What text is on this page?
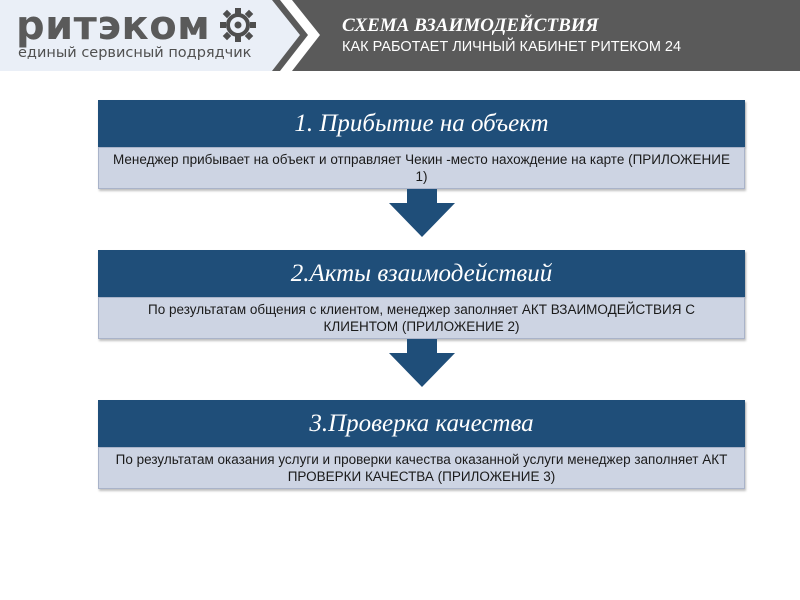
ритэком
единый сервисный подрядчик
СХЕМА ВЗАИМОДЕЙСТВИЯ
КАК РАБОТАЕТ ЛИЧНЫЙ КАБИНЕТ РИТЕКОМ 24
1. Прибытие на объект
Менеджер прибывает на объект и отправляет Чекин -место нахождение на карте (ПРИЛОЖЕНИЕ 1)
2.Акты взаимодействий
По результатам общения с клиентом, менеджер заполняет АКТ ВЗАИМОДЕЙСТВИЯ С КЛИЕНТОМ (ПРИЛОЖЕНИЕ 2)
3.Проверка качества
По результатам оказания услуги и проверки качества оказанной услуги менеджер заполняет АКТ ПРОВЕРКИ КАЧЕСТВА (ПРИЛОЖЕНИЕ 3)
